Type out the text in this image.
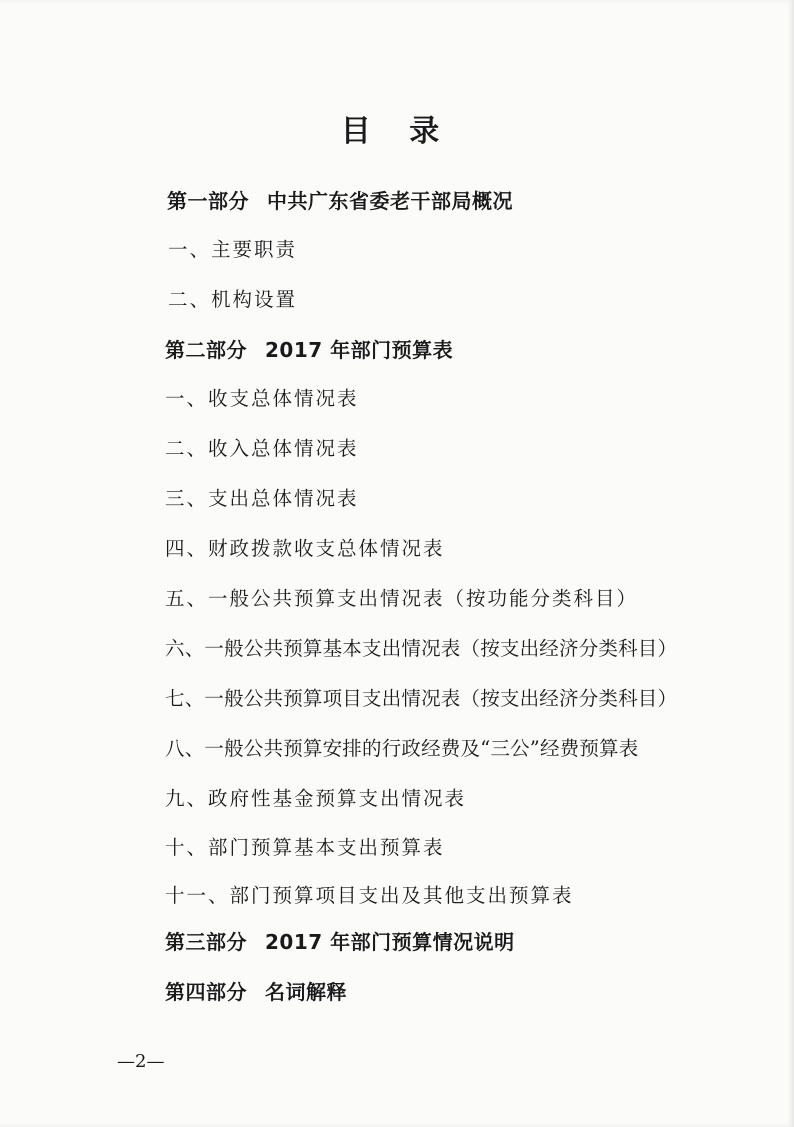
目 录
第一部分 中共广东省委老干部局概况
一、主要职责
二、机构设置
第二部分 2017 年部门预算表
一、收支总体情况表
二、收入总体情况表
三、支出总体情况表
四、财政拨款收支总体情况表
五、一般公共预算支出情况表（按功能分类科目）
六、一般公共预算基本支出情况表（按支出经济分类科目）
七、一般公共预算项目支出情况表（按支出经济分类科目）
八、一般公共预算安排的行政经费及“三公”经费预算表
九、政府性基金预算支出情况表
十、部门预算基本支出预算表
十一、部门预算项目支出及其他支出预算表
第三部分 2017 年部门预算情况说明
第四部分 名词解释
—2—
